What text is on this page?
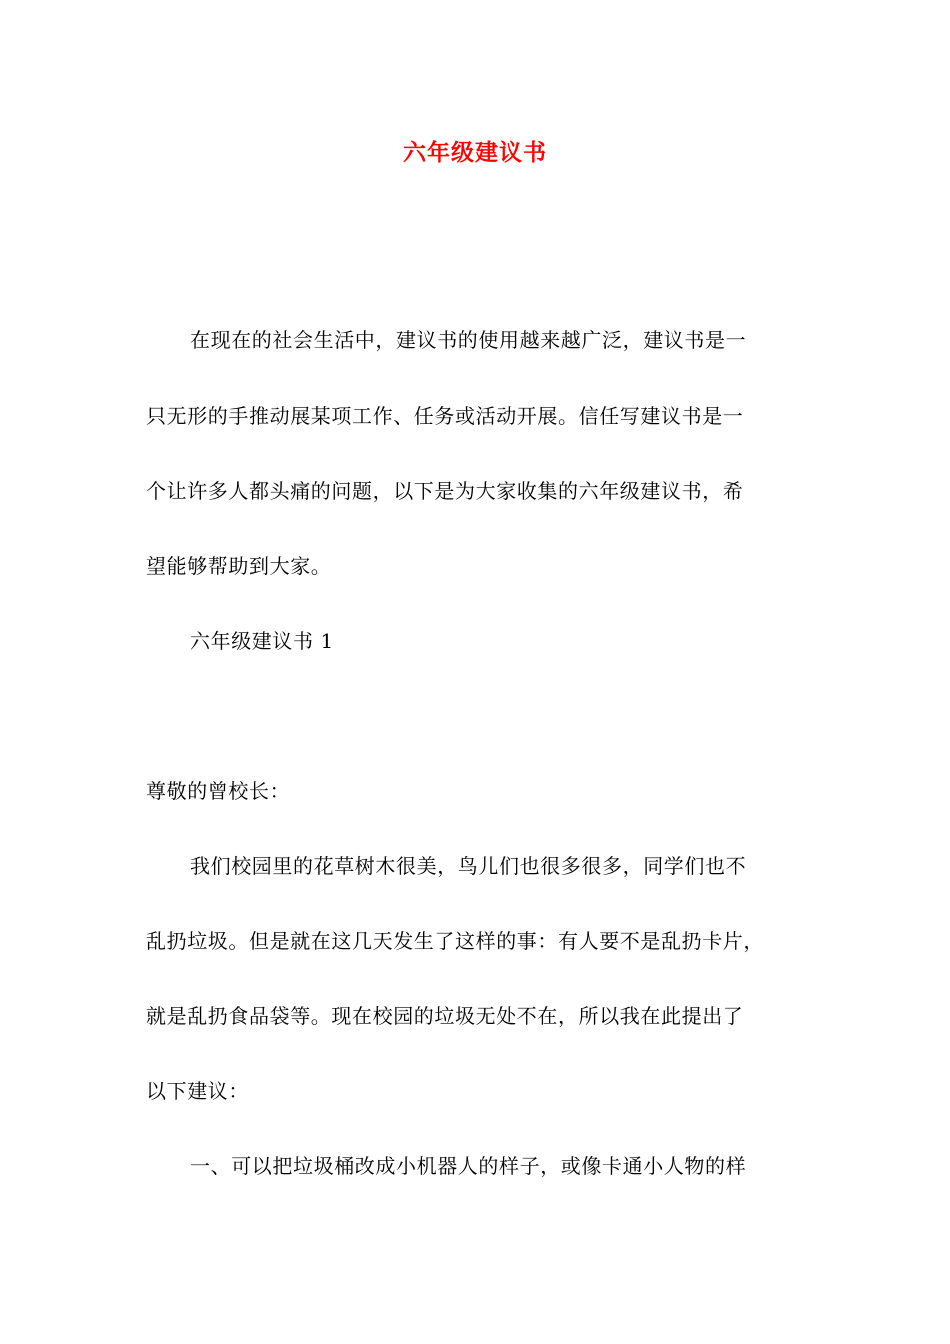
六年级建议书
在现在的社会生活中，建议书的使用越来越广泛，建议书是一
只无形的手推动展某项工作、任务或活动开展。信任写建议书是一
个让许多人都头痛的问题，以下是为大家收集的六年级建议书，希
望能够帮助到大家。
六年级建议书 1
尊敬的曾校长：
我们校园里的花草树木很美，鸟儿们也很多很多，同学们也不
乱扔垃圾。但是就在这几天发生了这样的事：有人要不是乱扔卡片，
就是乱扔食品袋等。现在校园的垃圾无处不在，所以我在此提出了
以下建议：
一、可以把垃圾桶改成小机器人的样子，或像卡通小人物的样
